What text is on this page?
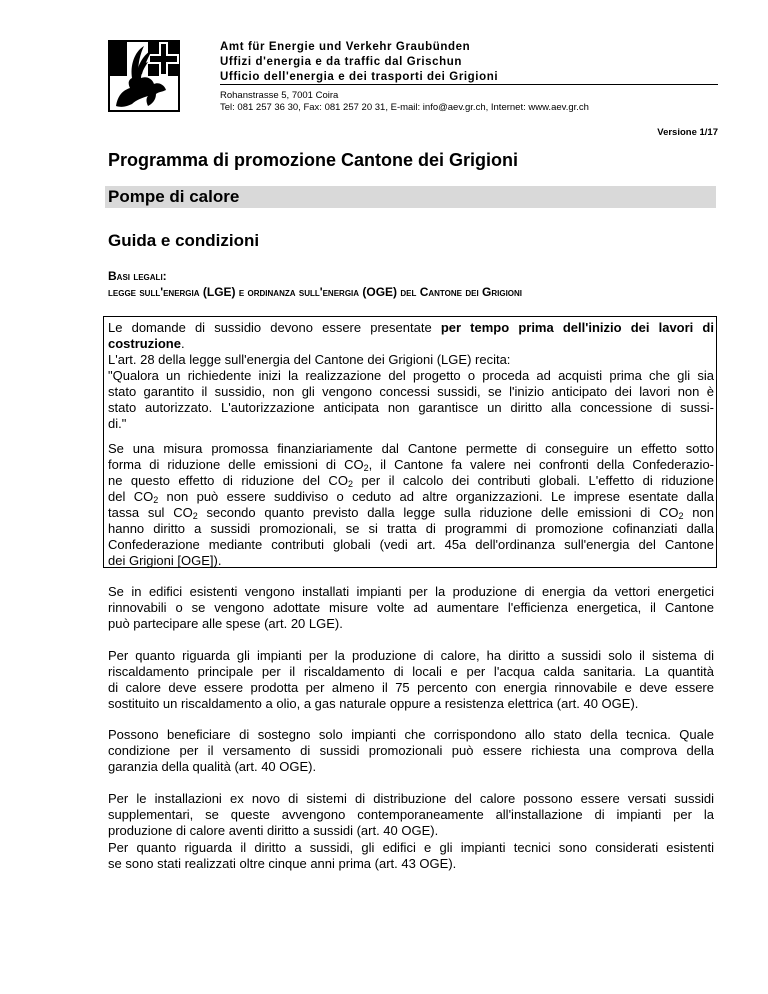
Amt für Energie und Verkehr Graubünden
Uffizi d'energia e da traffic dal Grischun
Ufficio dell'energia e dei trasporti dei Grigioni
Rohanstrasse 5, 7001 Coira
Tel: 081 257 36 30, Fax: 081 257 20 31, E-mail: info@aev.gr.ch, Internet: www.aev.gr.ch
Versione 1/17
Programma di promozione Cantone dei Grigioni
Pompe di calore
Guida e condizioni
Basi legali:
legge sull'energia (LGE) e ordinanza sull'energia (OGE) del Cantone dei Grigioni
Le domande di sussidio devono essere presentate per tempo prima dell'inizio dei lavori di
costruzione.
L'art. 28 della legge sull'energia del Cantone dei Grigioni (LGE) recita:
"Qualora un richiedente inizi la realizzazione del progetto o proceda ad acquisti prima che gli sia
stato garantito il sussidio, non gli vengono concessi sussidi, se l'inizio anticipato dei lavori non è
stato autorizzato. L'autorizzazione anticipata non garantisce un diritto alla concessione di sussi-
di."
Se una misura promossa finanziariamente dal Cantone permette di conseguire un effetto sotto
forma di riduzione delle emissioni di $CO_2$, il Cantone fa valere nei confronti della Confederazio-
ne questo effetto di riduzione del $CO_2$ per il calcolo dei contributi globali. L'effetto di riduzione
del $CO_2$ non può essere suddiviso o ceduto ad altre organizzazioni. Le imprese esentate dalla
tassa sul $CO_2$ secondo quanto previsto dalla legge sulla riduzione delle emissioni di $CO_2$ non
hanno diritto a sussidi promozionali, se si tratta di programmi di promozione cofinanziati dalla
Confederazione mediante contributi globali (vedi art. 45a dell'ordinanza sull'energia del Cantone
dei Grigioni [OGE]).
Se in edifici esistenti vengono installati impianti per la produzione di energia da vettori energetici
rinnovabili o se vengono adottate misure volte ad aumentare l'efficienza energetica, il Cantone
può partecipare alle spese (art. 20 LGE).
Per quanto riguarda gli impianti per la produzione di calore, ha diritto a sussidi solo il sistema di
riscaldamento principale per il riscaldamento di locali e per l'acqua calda sanitaria. La quantità
di calore deve essere prodotta per almeno il 75 percento con energia rinnovabile e deve essere
sostituito un riscaldamento a olio, a gas naturale oppure a resistenza elettrica (art. 40 OGE).
Possono beneficiare di sostegno solo impianti che corrispondono allo stato della tecnica. Quale
condizione per il versamento di sussidi promozionali può essere richiesta una comprova della
garanzia della qualità (art. 40 OGE).
Per le installazioni ex novo di sistemi di distribuzione del calore possono essere versati sussidi
supplementari, se queste avvengono contemporaneamente all'installazione di impianti per la
produzione di calore aventi diritto a sussidi (art. 40 OGE).
Per quanto riguarda il diritto a sussidi, gli edifici e gli impianti tecnici sono considerati esistenti
se sono stati realizzati oltre cinque anni prima (art. 43 OGE).
